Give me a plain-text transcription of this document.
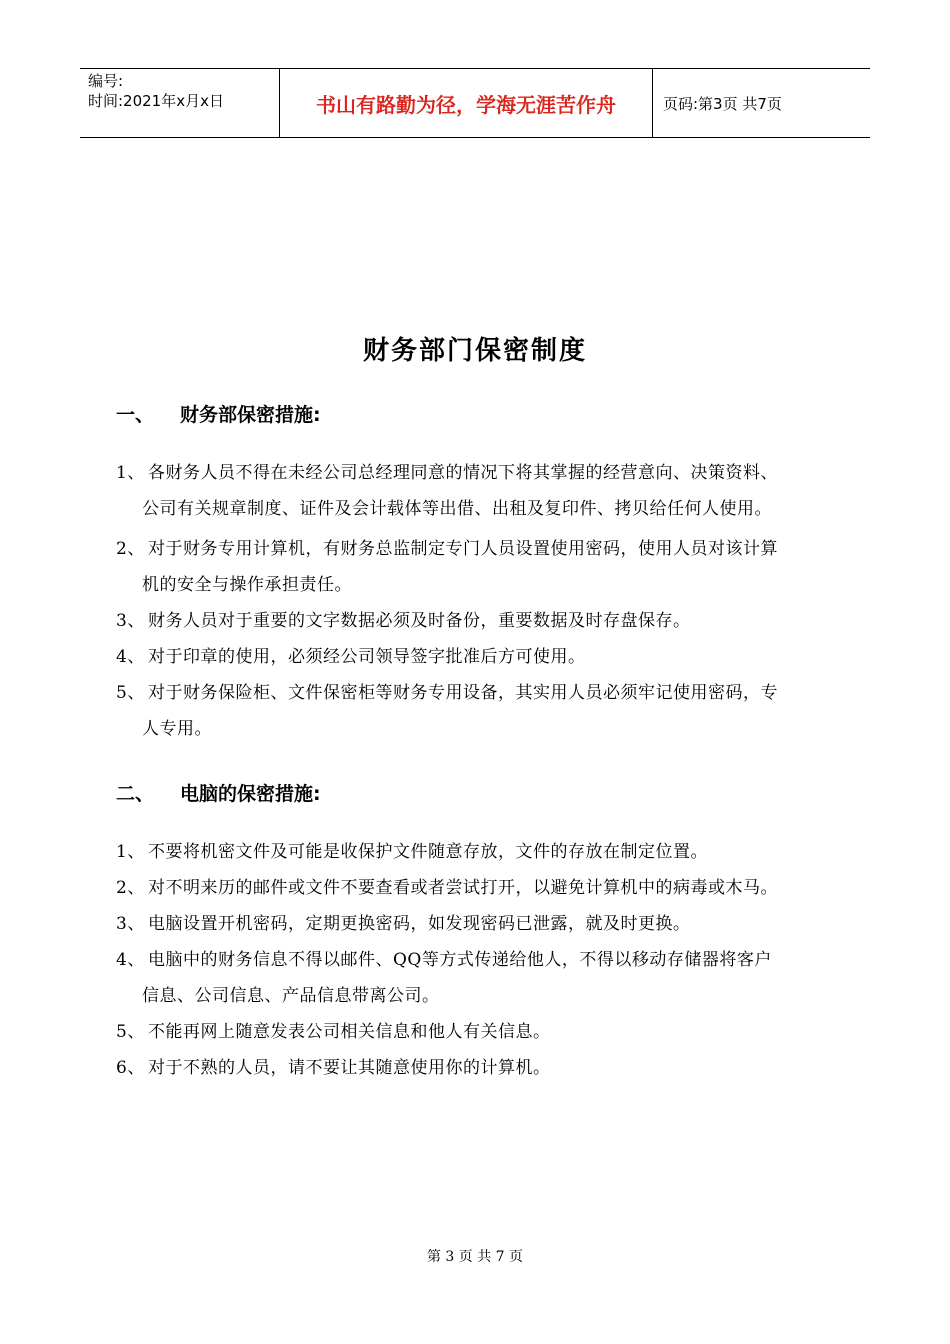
编号:
时间:2021年x月x日	书山有路勤为径，学海无涯苦作舟	页码:第3页 共7页
财务部门保密制度
一、	财务部保密措施:
1、 各财务人员不得在未经公司总经理同意的情况下将其掌握的经营意向、决策资料、
公司有关规章制度、证件及会计载体等出借、出租及复印件、拷贝给任何人使用。
2、 对于财务专用计算机，有财务总监制定专门人员设置使用密码，使用人员对该计算
机的安全与操作承担责任。
3、 财务人员对于重要的文字数据必须及时备份，重要数据及时存盘保存。
4、 对于印章的使用，必须经公司领导签字批准后方可使用。
5、 对于财务保险柜、文件保密柜等财务专用设备，其实用人员必须牢记使用密码，专
人专用。
二、	电脑的保密措施:
1、 不要将机密文件及可能是收保护文件随意存放，文件的存放在制定位置。
2、 对不明来历的邮件或文件不要查看或者尝试打开，以避免计算机中的病毒或木马。
3、 电脑设置开机密码，定期更换密码，如发现密码已泄露，就及时更换。
4、 电脑中的财务信息不得以邮件、QQ等方式传递给他人，不得以移动存储器将客户
信息、公司信息、产品信息带离公司。
5、 不能再网上随意发表公司相关信息和他人有关信息。
6、 对于不熟的人员，请不要让其随意使用你的计算机。
第 3 页 共 7 页
